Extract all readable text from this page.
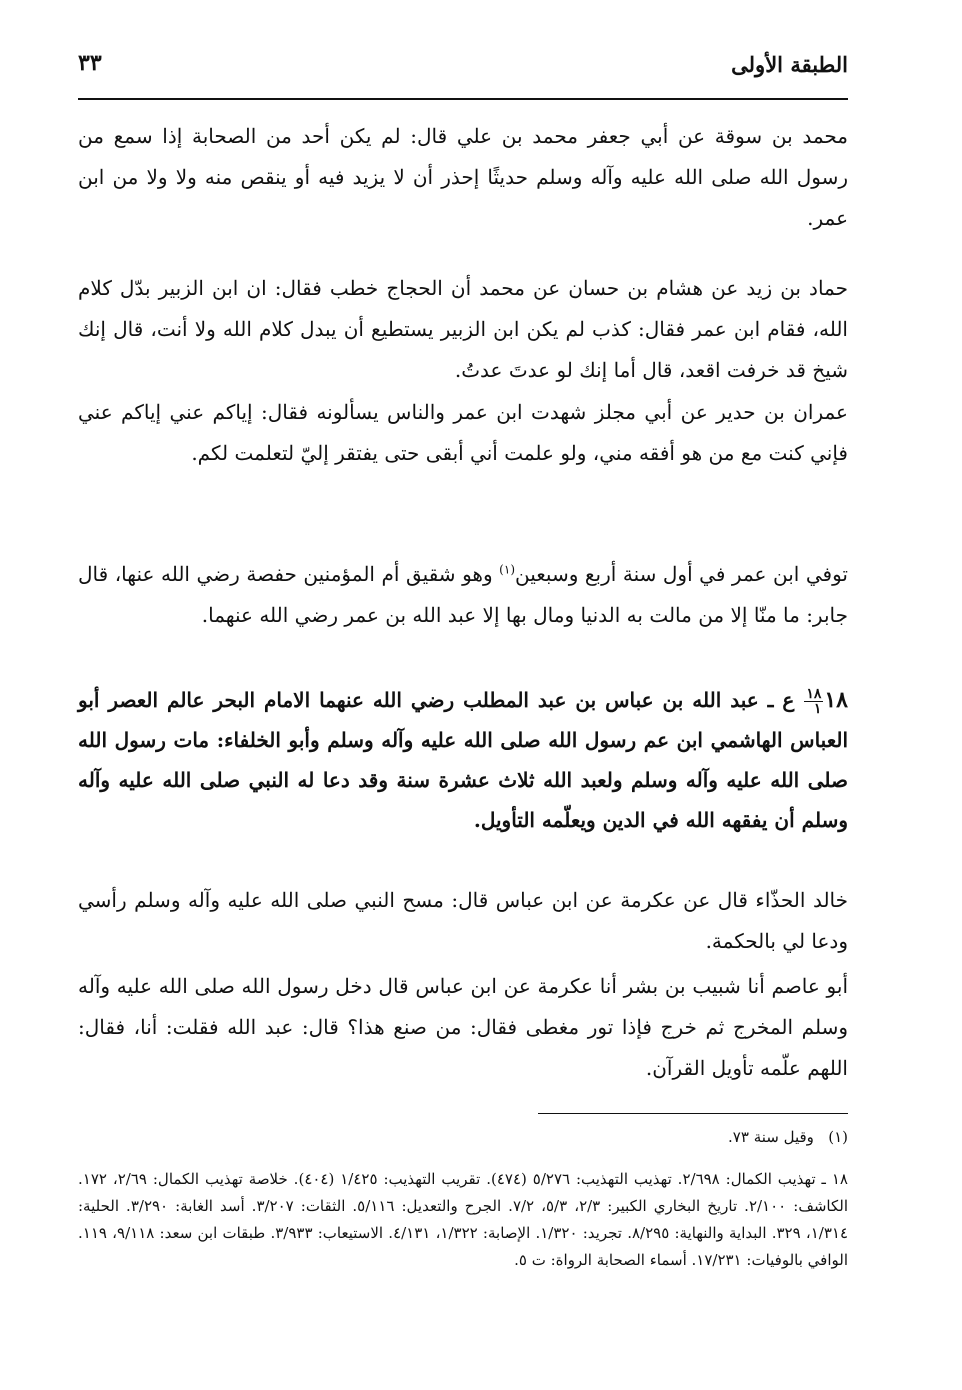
الطبقة الأولى
٣٣

محمد بن سوقة عن أبي جعفر محمد بن علي قال: لم يكن أحد من الصحابة إذا سمع من رسول الله صلى الله عليه وآله وسلم حديثًا إحذر أن لا يزيد فيه أو ينقص منه ولا ولا من ابن عمر.

حماد بن زيد عن هشام بن حسان عن محمد أن الحجاج خطب فقال: ان ابن الزبير بدّل كلام الله، فقام ابن عمر فقال: كذب لم يكن ابن الزبير يستطيع أن يبدل كلام الله ولا أنت، قال إنك شيخ قد خرفت اقعد، قال أما إنك لو عدتَ عدتُ.

عمران بن حدير عن أبي مجلز شهدت ابن عمر والناس يسألونه فقال: إياكم عني إياكم عني فإني كنت مع من هو أفقه مني، ولو علمت أني أبقى حتى يفتقر إليّ لتعلمت لكم.

توفي ابن عمر في أول سنة أربع وسبعين$^{(١)}$ وهو شقيق أم المؤمنين حفصة رضي الله عنها، قال جابر: ما منّا إلا من مالت به الدنيا ومال بها إلا عبد الله بن عمر رضي الله عنهما.

١٨
$\frac{١٨}{١}$
ع ـ عبد الله بن عباس بن عبد المطلب رضي الله عنهما الامام البحر عالم العصر أبو العباس الهاشمي ابن عم رسول الله صلى الله عليه وآله وسلم وأبو الخلفاء: مات رسول الله صلى الله عليه وآله وسلم ولعبد الله ثلاث عشرة سنة وقد دعا له النبي صلى الله عليه وآله وسلم أن يفقهه الله في الدين ويعلّمه التأويل.

خالد الحذّاء قال عن عكرمة عن ابن عباس قال: مسح النبي صلى الله عليه وآله وسلم رأسي ودعا لي بالحكمة.

أبو عاصم أنا شبيب بن بشر أنا عكرمة عن ابن عباس قال دخل رسول الله صلى الله عليه وآله وسلم المخرج ثم خرج فإذا تور مغطى فقال: من صنع هذا؟ قال: عبد الله فقلت: أنا، فقال: اللهم علّمه تأويل القرآن.

(١)   وقيل سنة ٧٣.

١٨ ـ تهذيب الكمال: ٢/٦٩٨. تهذيب التهذيب: ٥/٢٧٦ (٤٧٤). تقريب التهذيب: ١/٤٢٥ (٤٠٤). خلاصة تهذيب الكمال: ٢/٦٩، ١٧٢. الكاشف: ٢/١٠٠. تاريخ البخاري الكبير: ٢/٣، ٥/٣، ٧/٢. الجرح والتعديل: ٥/١١٦. الثقات: ٣/٢٠٧. أسد الغابة: ٣/٢٩٠. الحلية: ١/٣١٤، ٣٢٩. البداية والنهاية: ٨/٢٩٥. تجريد: ١/٣٢٠. الإصابة: ١/٣٢٢، ٤/١٣١. الاستيعاب: ٣/٩٣٣. طبقات ابن سعد: ٩/١١٨، ١١٩. الوافي بالوفيات: ١٧/٢٣١. أسماء الصحابة الرواة: ت ٥.
